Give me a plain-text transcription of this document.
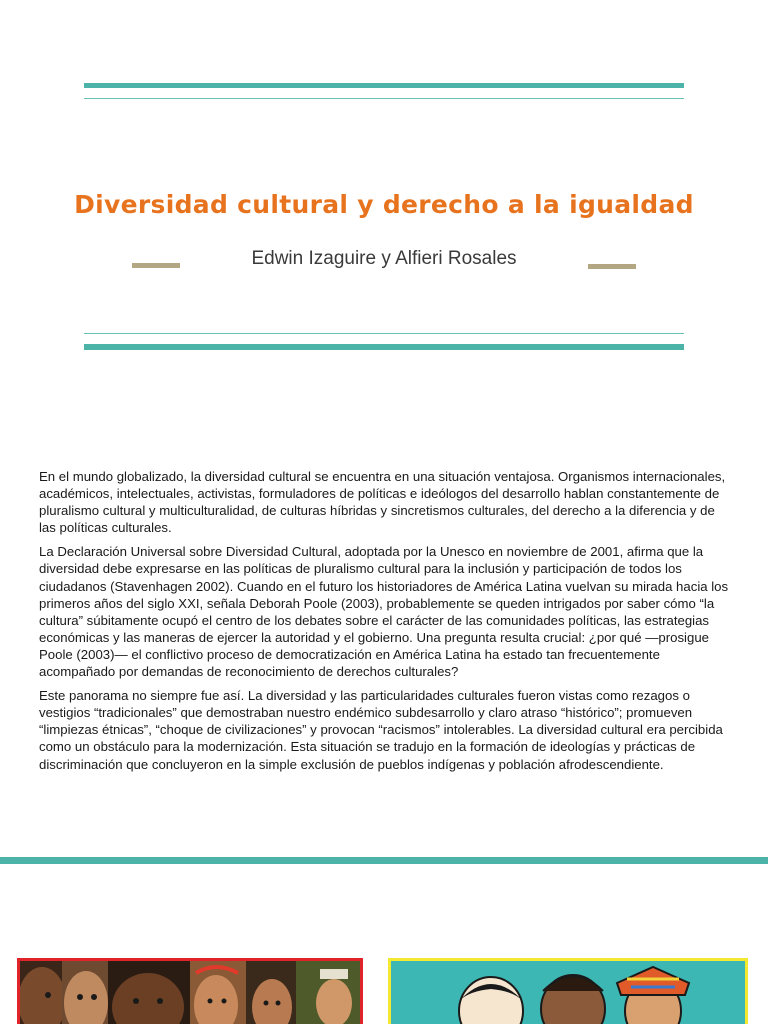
Diversidad cultural y derecho a la igualdad
Edwin Izaguire y Alfieri Rosales

En el mundo globalizado, la diversidad cultural se encuentra en una situación ventajosa. Organismos internacionales, académicos, intelectuales, activistas, formuladores de políticas e ideólogos del desarrollo hablan constantemente de pluralismo cultural y multiculturalidad, de culturas híbridas y sincretismos culturales, del derecho a la diferencia y de las políticas culturales.

La Declaración Universal sobre Diversidad Cultural, adoptada por la Unesco en noviembre de 2001, afirma que la diversidad debe expresarse en las políticas de pluralismo cultural para la inclusión y participación de todos los ciudadanos (Stavenhagen 2002). Cuando en el futuro los historiadores de América Latina vuelvan su mirada hacia los primeros años del siglo XXI, señala Deborah Poole (2003), probablemente se queden intrigados por saber cómo “la cultura” súbitamente ocupó el centro de los debates sobre el carácter de las comunidades políticas, las estrategias económicas y las maneras de ejercer la autoridad y el gobierno. Una pregunta resulta crucial: ¿por qué —prosigue Poole (2003)— el conflictivo proceso de democratización en América Latina ha estado tan frecuentemente acompañado por demandas de reconocimiento de derechos culturales?

Este panorama no siempre fue así. La diversidad y las particularidades culturales fueron vistas como rezagos o vestigios “tradicionales” que demostraban nuestro endémico subdesarrollo y claro atraso “histórico”; promueven “limpiezas étnicas”, “choque de civilizaciones” y provocan “racismos” intolerables. La diversidad cultural era percibida como un obstáculo para la modernización. Esta situación se tradujo en la formación de ideologías y prácticas de discriminación que concluyeron en la simple exclusión de pueblos indígenas y población afrodescendiente.
